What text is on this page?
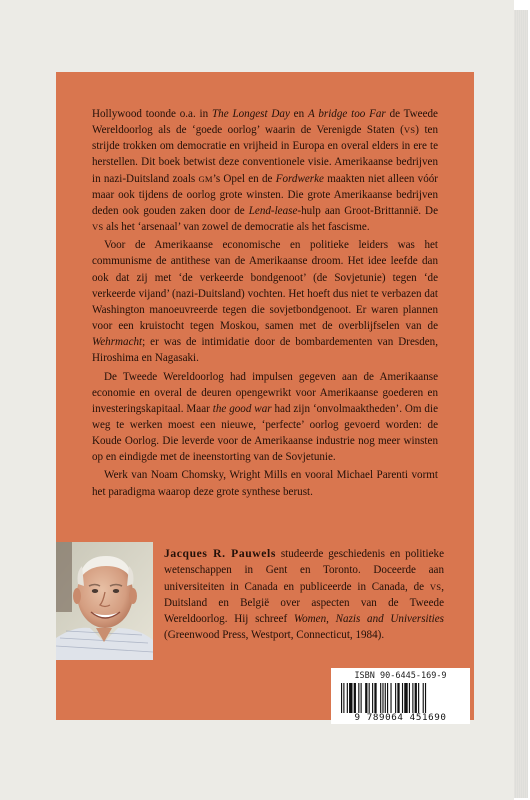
Hollywood toonde o.a. in The Longest Day en A bridge too Far de Tweede Wereldoorlog als de ‘goede oorlog’ waarin de Verenigde Staten (VS) ten strijde trokken om democratie en vrijheid in Europa en overal elders in ere te herstellen. Dit boek betwist deze conventionele visie. Amerikaanse bedrijven in nazi-Duitsland zoals GM’s Opel en de Fordwerke maakten niet alleen vóór maar ook tijdens de oorlog grote winsten. Die grote Amerikaanse bedrijven deden ook gouden zaken door de Lend-lease-hulp aan Groot-Brittannië. De VS als het ‘arsenaal’ van zowel de democratie als het fascisme.

Voor de Amerikaanse economische en politieke leiders was het communisme de antithese van de Amerikaanse droom. Het idee leefde dan ook dat zij met ‘de verkeerde bondgenoot’ (de Sovjetunie) tegen ‘de verkeerde vijand’ (nazi-Duitsland) vochten. Het hoeft dus niet te verbazen dat Washington manoeuvreerde tegen die sovjetbondgenoot. Er waren plannen voor een kruistocht tegen Moskou, samen met de overblijfselen van de Wehrmacht; er was de intimidatie door de bombardementen van Dresden, Hiroshima en Nagasaki.

De Tweede Wereldoorlog had impulsen gegeven aan de Amerikaanse economie en overal de deuren opengewrikt voor Amerikaanse goederen en investeringskapitaal. Maar the good war had zijn ‘onvolmaaktheden’. Om die weg te werken moest een nieuwe, ‘perfecte’ oorlog gevoerd worden: de Koude Oorlog. Die leverde voor de Amerikaanse industrie nog meer winsten op en eindigde met de ineenstorting van de Sovjetunie.

Werk van Noam Chomsky, Wright Mills en vooral Michael Parenti vormt het paradigma waarop deze grote synthese berust.

Jacques R. Pauwels studeerde geschiedenis en politieke wetenschappen in Gent en Toronto. Doceerde aan universiteiten in Canada en publiceerde in Canada, de VS, Duitsland en België over aspecten van de Tweede Wereldoorlog. Hij schreef Women, Nazis and Universities (Greenwood Press, Westport, Connecticut, 1984).
ISBN 90-6445-169-9
9 789064 451690
